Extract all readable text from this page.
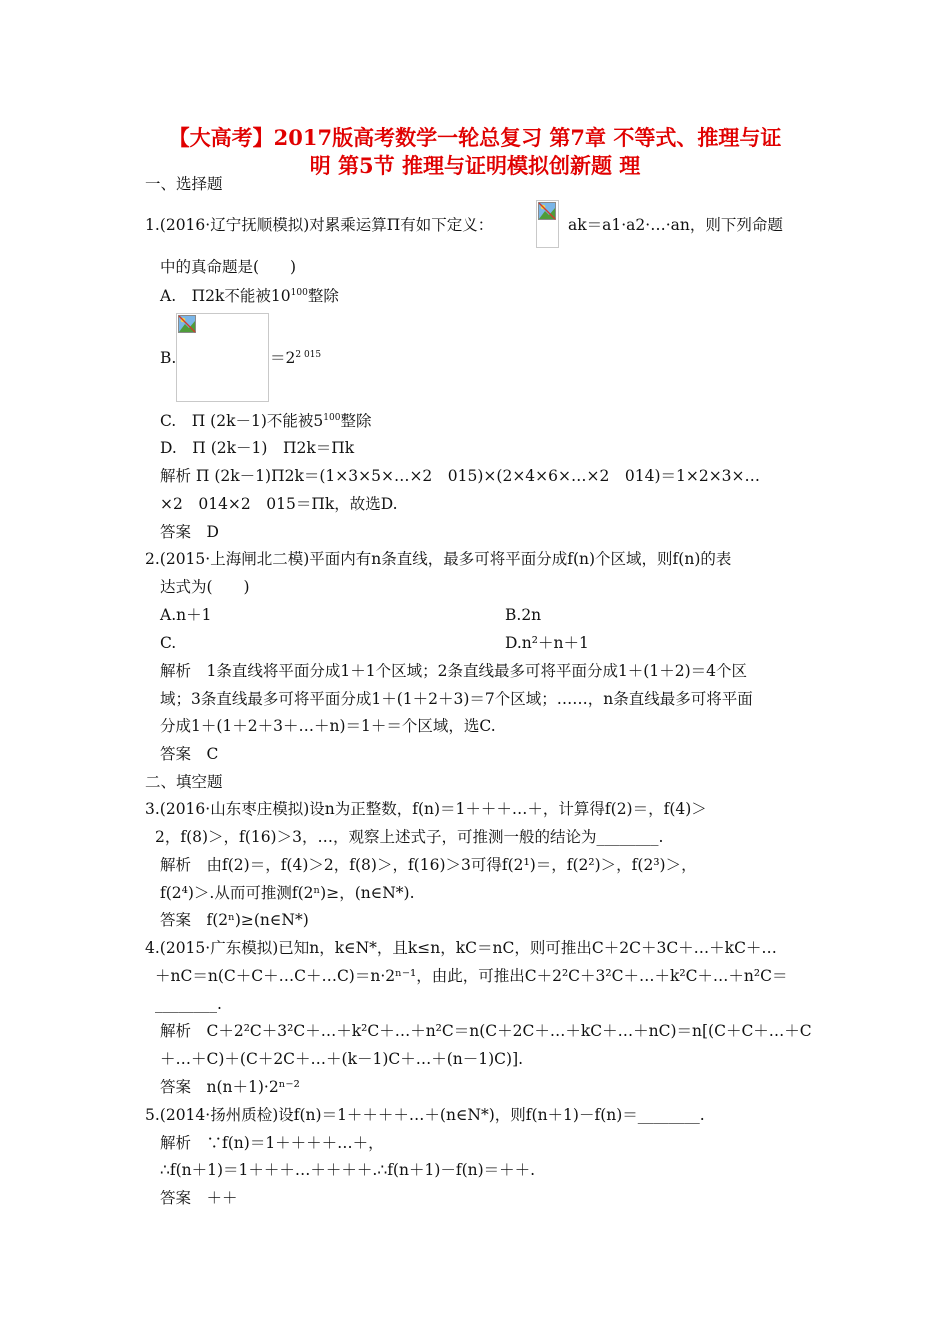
【大高考】2017版高考数学一轮总复习 第7章 不等式、推理与证
明 第5节 推理与证明模拟创新题 理
一、选择题
1.(2016·辽宁抚顺模拟)对累乘运算Π有如下定义：	ak＝a1·a2·…·an，则下列命题
中的真命题是(　　)
A.　Π2k不能被$10^{100}$整除
B.	$=2^{2 015}$
C.　Π (2k－1)不能被$5^{100}$整除
D.　Π (2k－1)　Π2k＝Πk
解析 Π (2k－1)Π2k＝(1×3×5×…×2　015)×(2×4×6×…×2　014)＝1×2×3×…
×2　014×2　015＝Πk，故选D.
答案　D
2.(2015·上海闸北二模)平面内有n条直线，最多可将平面分成f(n)个区域，则f(n)的表
达式为(　　)
A.n＋1	B.2n
C.	D.n²＋n＋1
解析　1条直线将平面分成1＋1个区域；2条直线最多可将平面分成1＋(1＋2)＝4个区
域；3条直线最多可将平面分成1＋(1＋2＋3)＝7个区域；……，n条直线最多可将平面
分成1＋(1＋2＋3＋…＋n)＝1＋＝个区域，选C.
答案　C
二、填空题
3.(2016·山东枣庄模拟)设n为正整数，f(n)＝1＋＋＋…＋，计算得f(2)＝，f(4)＞
2，f(8)＞，f(16)＞3，…，观察上述式子，可推测一般的结论为________.
解析　由f(2)＝，f(4)＞2，f(8)＞，f(16)＞3可得f(2¹)＝，f(2²)＞，f(2³)＞，
f(2⁴)＞.从而可推测f(2ⁿ)≥，(n∈N*).
答案　f(2ⁿ)≥(n∈N*)
4.(2015·广东模拟)已知n，k∈N*，且k≤n，kC＝nC，则可推出C＋2C＋3C＋…＋kC＋…
＋nC＝n(C＋C＋…C＋…C)＝n·2ⁿ⁻¹，由此，可推出C＋2²C＋3²C＋…＋k²C＋…＋n²C＝
________.
解析　C＋2²C＋3²C＋…＋k²C＋…＋n²C＝n(C＋2C＋…＋kC＋…＋nC)＝n[(C＋C＋…＋C
＋…＋C)＋(C＋2C＋…＋(k－1)C＋…＋(n－1)C)].
答案　n(n＋1)·2ⁿ⁻²
5.(2014·扬州质检)设f(n)＝1＋＋＋＋…＋(n∈N*)，则f(n＋1)－f(n)＝________.
解析　∵f(n)＝1＋＋＋＋…＋，
∴f(n＋1)＝1＋＋＋…＋＋＋＋.∴f(n＋1)－f(n)＝＋＋.
答案　＋＋
